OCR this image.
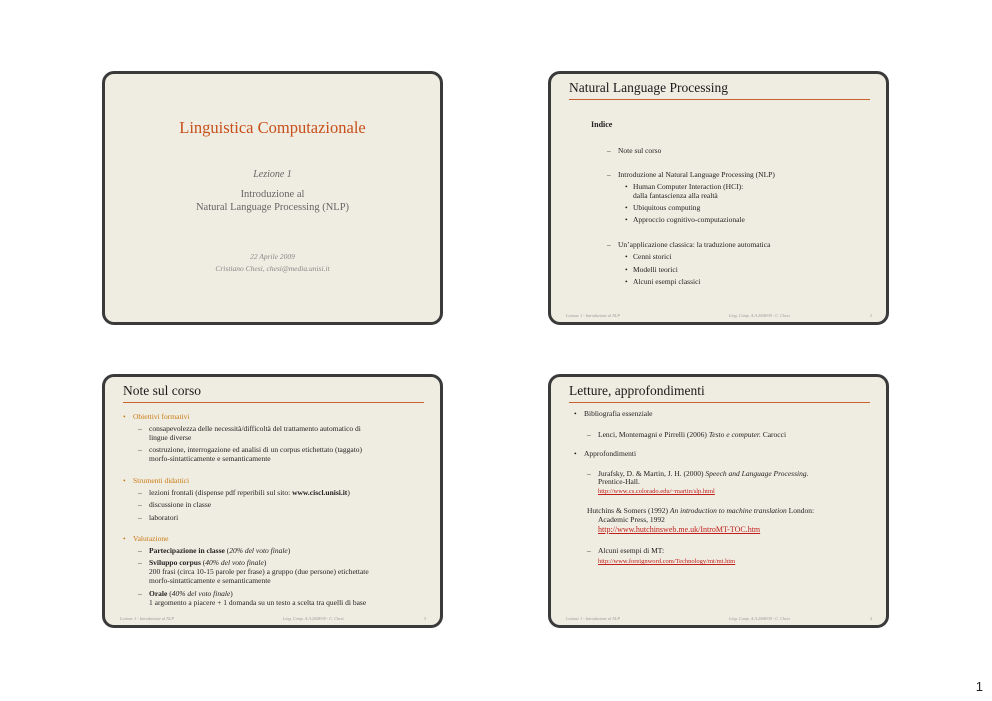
Linguistica Computazionale
Lezione 1
Introduzione al
Natural Language Processing (NLP)
22 Aprile 2009
Cristiano Chesi, chesi@media.unisi.it
Natural Language Processing
Indice
– Note sul corso
– Introduzione al Natural Language Processing (NLP)
• Human Computer Interaction (HCI):
dalla fantascienza alla realtà
• Ubiquitous computing
• Approccio cognitivo-computazionale
– Un’applicazione classica: la traduzione automatica
• Cenni storici
• Modelli teorici
• Alcuni esempi classici
Lezione 1 - Introduzione al NLP	Ling. Comp. A.A.2008/09 - C. Chesi	2
Note sul corso
• Obiettivi formativi
– consapevolezza delle necessità/difficoltà del trattamento automatico di
lingue diverse
– costruzione, interrogazione ed analisi di un corpus etichettato (taggato)
morfo-sintatticamente e semanticamente
• Strumenti didattici
– lezioni frontali (dispense pdf reperibili sul sito: www.ciscl.unisi.it)
– discussione in classe
– laboratori
• Valutazione
– Partecipazione in classe (20% del voto finale)
– Sviluppo corpus (40% del voto finale)
200 frasi (circa 10-15 parole per frase) a gruppo (due persone) etichettate
morfo-sintatticamente e semanticamente
– Orale (40% del voto finale)
1 argomento a piacere + 1 domanda su un testo a scelta tra quelli di base
Lezione 1 - Introduzione al NLP	Ling. Comp. A.A.2008/09 - C. Chesi	3
Letture, approfondimenti
• Bibliografia essenziale
– Lenci, Montemagni e Pirrelli (2006) Testo e computer. Carocci
• Approfondimenti
– Jurafsky, D. & Martin, J. H. (2000) Speech and Language Processing.
Prentice-Hall.
http://www.cs.colorado.edu/~martin/slp.html
Hutchins & Somers (1992) An introduction to machine translation London:
Academic Press, 1992
http://www.hutchinsweb.me.uk/IntroMT-TOC.htm
– Alcuni esempi di MT:
http://www.foreignword.com/Technology/mt/mt.htm
Lezione 1 - Introduzione al NLP	Ling. Comp. A.A.2008/09 - C. Chesi	4
1
